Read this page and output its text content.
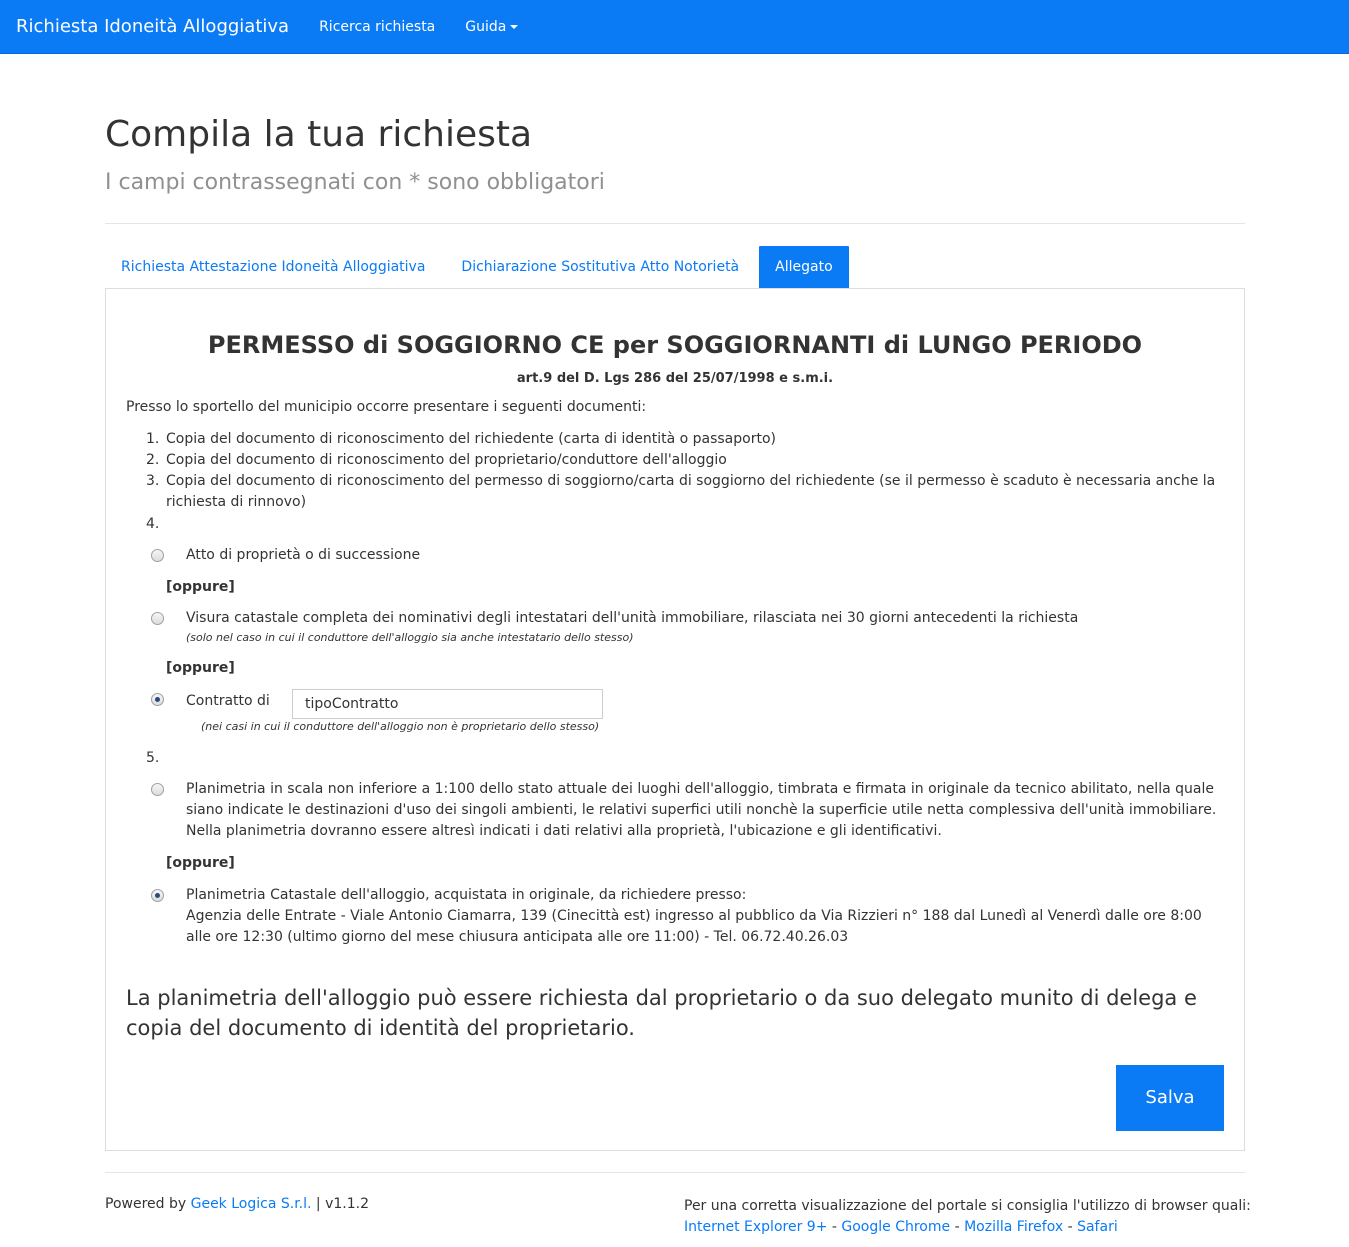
Richiesta Idoneità Alloggiativa Ricerca richiesta Guida
Compila la tua richiesta
I campi contrassegnati con * sono obbligatori
Richiesta Attestazione Idoneità Alloggiativa	Dichiarazione Sostitutiva Atto Notorietà	Allegato
PERMESSO di SOGGIORNO CE per SOGGIORNANTI di LUNGO PERIODO
art.9 del D. Lgs 286 del 25/07/1998 e s.m.i.
Presso lo sportello del municipio occorre presentare i seguenti documenti:
1. Copia del documento di riconoscimento del richiedente (carta di identità o passaporto)
2. Copia del documento di riconoscimento del proprietario/conduttore dell'alloggio
3. Copia del documento di riconoscimento del permesso di soggiorno/carta di soggiorno del richiedente (se il permesso è scaduto è necessaria anche la richiesta di rinnovo)
4.
Atto di proprietà o di successione
[oppure]
Visura catastale completa dei nominativi degli intestatari dell'unità immobiliare, rilasciata nei 30 giorni antecedenti la richiesta
(solo nel caso in cui il conduttore dell'alloggio sia anche intestatario dello stesso)
[oppure]
Contratto di	tipoContratto
(nei casi in cui il conduttore dell'alloggio non è proprietario dello stesso)
5.
Planimetria in scala non inferiore a 1:100 dello stato attuale dei luoghi dell'alloggio, timbrata e firmata in originale da tecnico abilitato, nella quale siano indicate le destinazioni d'uso dei singoli ambienti, le relativi superfici utili nonchè la superficie utile netta complessiva dell'unità immobiliare. Nella planimetria dovranno essere altresì indicati i dati relativi alla proprietà, l'ubicazione e gli identificativi.
[oppure]
Planimetria Catastale dell'alloggio, acquistata in originale, da richiedere presso:
Agenzia delle Entrate - Viale Antonio Ciamarra, 139 (Cinecittà est) ingresso al pubblico da Via Rizzieri n° 188 dal Lunedì al Venerdì dalle ore 8:00 alle ore 12:30 (ultimo giorno del mese chiusura anticipata alle ore 11:00) - Tel. 06.72.40.26.03
La planimetria dell'alloggio può essere richiesta dal proprietario o da suo delegato munito di delega e copia del documento di identità del proprietario.
Salva
Powered by Geek Logica S.r.l. | v1.1.2	Per una corretta visualizzazione del portale si consiglia l'utilizzo di browser quali:
Internet Explorer 9+ - Google Chrome - Mozilla Firefox - Safari
